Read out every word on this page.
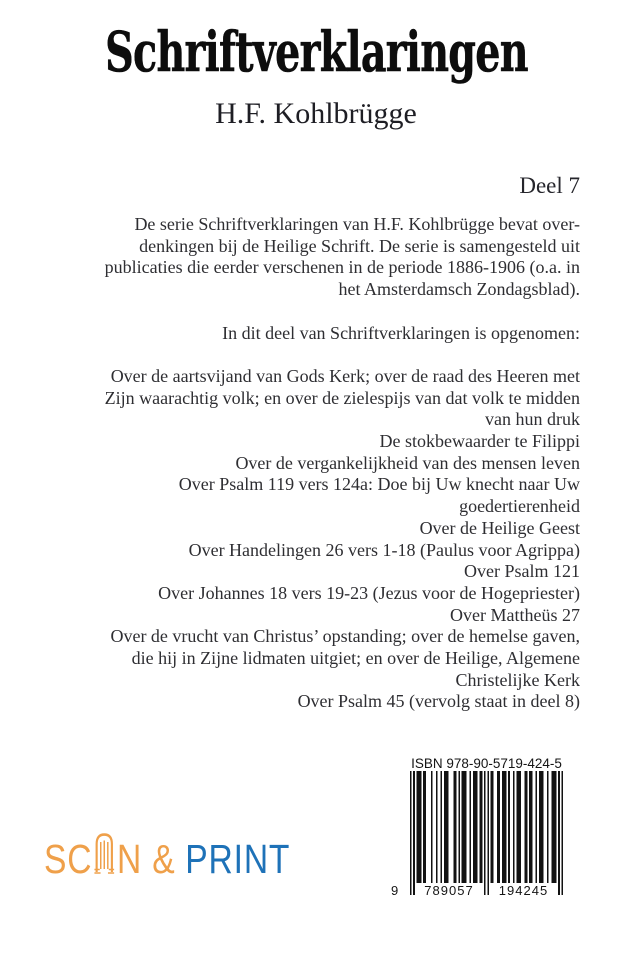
Schriftverklaringen
H.F. Kohlbrügge
Deel 7
De serie Schriftverklaringen van H.F. Kohlbrügge bevat over-
denkingen bij de Heilige Schrift. De serie is samengesteld uit
publicaties die eerder verschenen in de periode 1886-1906 (o.a. in
het Amsterdamsch Zondagsblad).
In dit deel van Schriftverklaringen is opgenomen:
Over de aartsvijand van Gods Kerk; over de raad des Heeren met
Zijn waarachtig volk; en over de zielespijs van dat volk te midden
van hun druk
De stokbewaarder te Filippi
Over de vergankelijkheid van des mensen leven
Over Psalm 119 vers 124a: Doe bij Uw knecht naar Uw
goedertierenheid
Over de Heilige Geest
Over Handelingen 26 vers 1-18 (Paulus voor Agrippa)
Over Psalm 121
Over Johannes 18 vers 19-23 (Jezus voor de Hogepriester)
Over Mattheüs 27
Over de vrucht van Christus’ opstanding; over de hemelse gaven,
die hij in Zijne lidmaten uitgiet; en over de Heilige, Algemene
Christelijke Kerk
Over Psalm 45 (vervolg staat in deel 8)
ISBN 978-90-5719-424-5
9	789057	194245
SC N & PRINT
